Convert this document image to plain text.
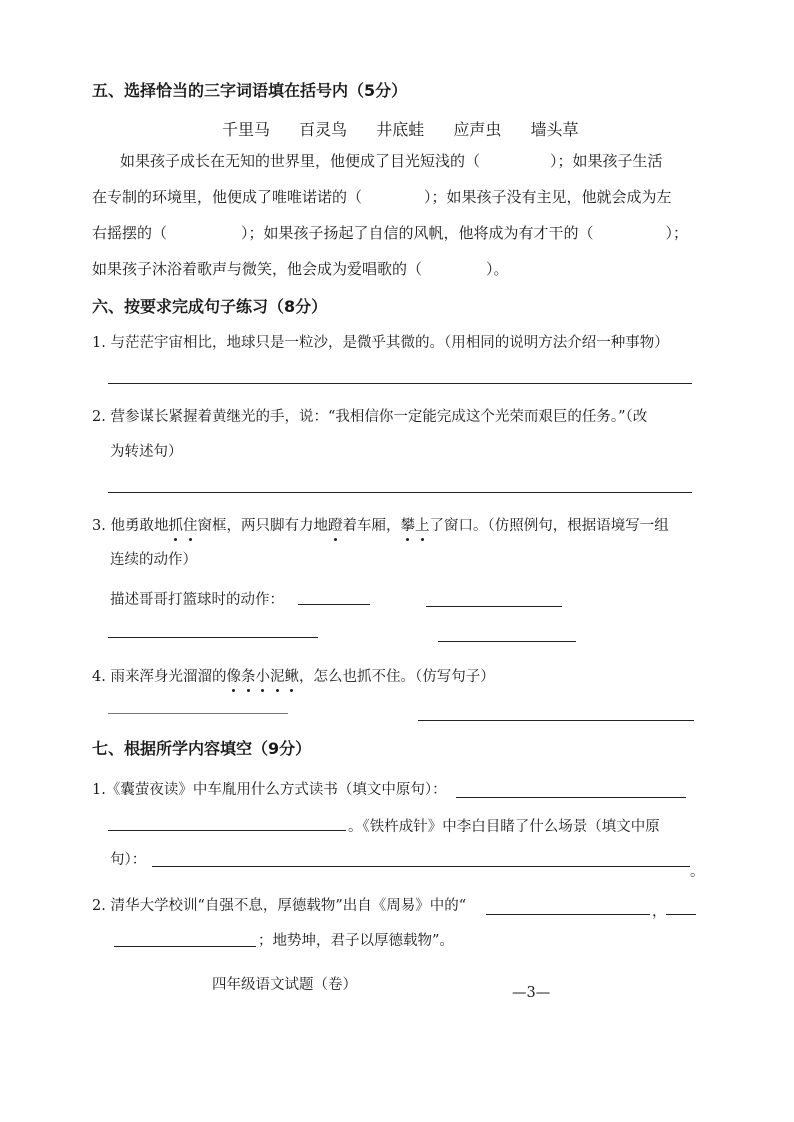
五、选择恰当的三字词语填在括号内（5分）
千里马 百灵鸟 井底蛙 应声虫 墙头草
如果孩子成长在无知的世界里，他便成了目光短浅的（	）；如果孩子生活
在专制的环境里，他便成了唯唯诺诺的（	）；如果孩子没有主见，他就会成为左
右摇摆的（	）；如果孩子扬起了自信的风帆，他将成为有才干的（	）；
如果孩子沐浴着歌声与微笑，他会成为爱唱歌的（	）。
六、按要求完成句子练习（8分）
1. 与茫茫宇宙相比，地球只是一粒沙，是微乎其微的。（用相同的说明方法介绍一种事物）
2. 营参谋长紧握着黄继光的手，说：“我相信你一定能完成这个光荣而艰巨的任务。”（改
为转述句）
3. 他勇敢地抓住窗框，两只脚有力地蹬着车厢，攀上了窗口。（仿照例句，根据语境写一组
连续的动作）
描述哥哥打篮球时的动作：
4. 雨来浑身光溜溜的像条小泥鳅，怎么也抓不住。（仿写句子）
七、根据所学内容填空（9分）
1.《囊萤夜读》中车胤用什么方式读书（填文中原句）：
。《铁杵成针》中李白目睹了什么场景（填文中原
句）：
。
2. 清华大学校训“自强不息，厚德载物”出自《周易》中的“	，
；地势坤，君子以厚德载物”。
四年级语文试题（卷）	—3—
